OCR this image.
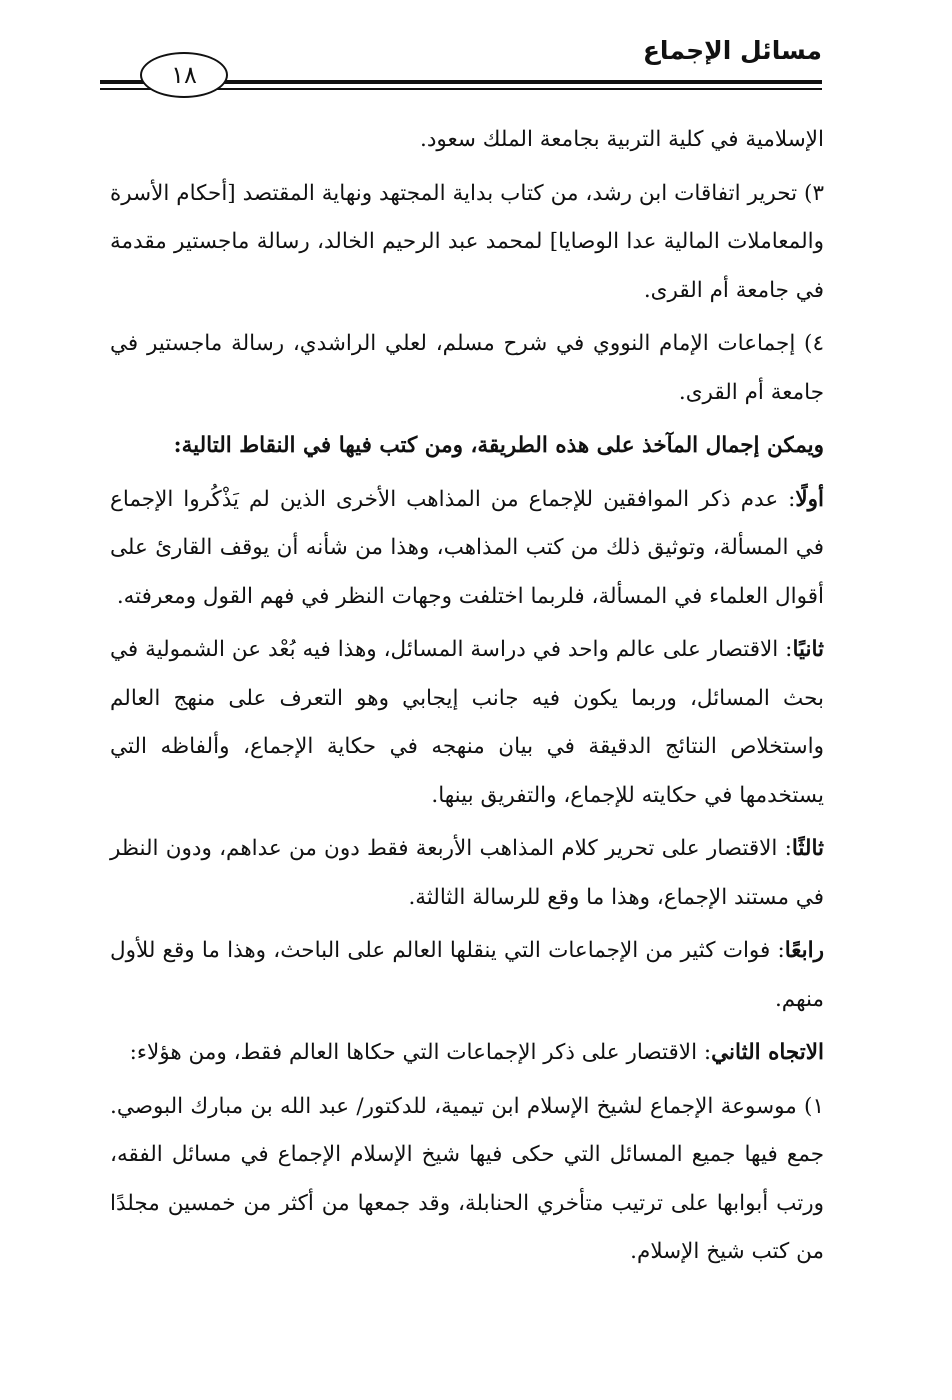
مسائل الإجماع
١٨

الإسلامية في كلية التربية بجامعة الملك سعود.

٣) تحرير اتفاقات ابن رشد، من كتاب بداية المجتهد ونهاية المقتصد [أحكام الأسرة والمعاملات المالية عدا الوصايا] لمحمد عبد الرحيم الخالد، رسالة ماجستير مقدمة في جامعة أم القرى.

٤) إجماعات الإمام النووي في شرح مسلم، لعلي الراشدي، رسالة ماجستير في جامعة أم القرى.

ويمكن إجمال المآخذ على هذه الطريقة، ومن كتب فيها في النقاط التالية:

أولًا: عدم ذكر الموافقين للإجماع من المذاهب الأخرى الذين لم يَذْكُروا الإجماع في المسألة، وتوثيق ذلك من كتب المذاهب، وهذا من شأنه أن يوقف القارئ على أقوال العلماء في المسألة، فلربما اختلفت وجهات النظر في فهم القول ومعرفته.

ثانيًا: الاقتصار على عالم واحد في دراسة المسائل، وهذا فيه بُعْد عن الشمولية في بحث المسائل، وربما يكون فيه جانب إيجابي وهو التعرف على منهج العالم واستخلاص النتائج الدقيقة في بيان منهجه في حكاية الإجماع، وألفاظه التي يستخدمها في حكايته للإجماع، والتفريق بينها.

ثالثًا: الاقتصار على تحرير كلام المذاهب الأربعة فقط دون من عداهم، ودون النظر في مستند الإجماع، وهذا ما وقع للرسالة الثالثة.

رابعًا: فوات كثير من الإجماعات التي ينقلها العالم على الباحث، وهذا ما وقع للأول منهم.

الاتجاه الثاني: الاقتصار على ذكر الإجماعات التي حكاها العالم فقط، ومن هؤلاء:

١) موسوعة الإجماع لشيخ الإسلام ابن تيمية، للدكتور/ عبد الله بن مبارك البوصي. جمع فيها جميع المسائل التي حكى فيها شيخ الإسلام الإجماع في مسائل الفقه، ورتب أبوابها على ترتيب متأخري الحنابلة، وقد جمعها من أكثر من خمسين مجلدًا من كتب شيخ الإسلام.
